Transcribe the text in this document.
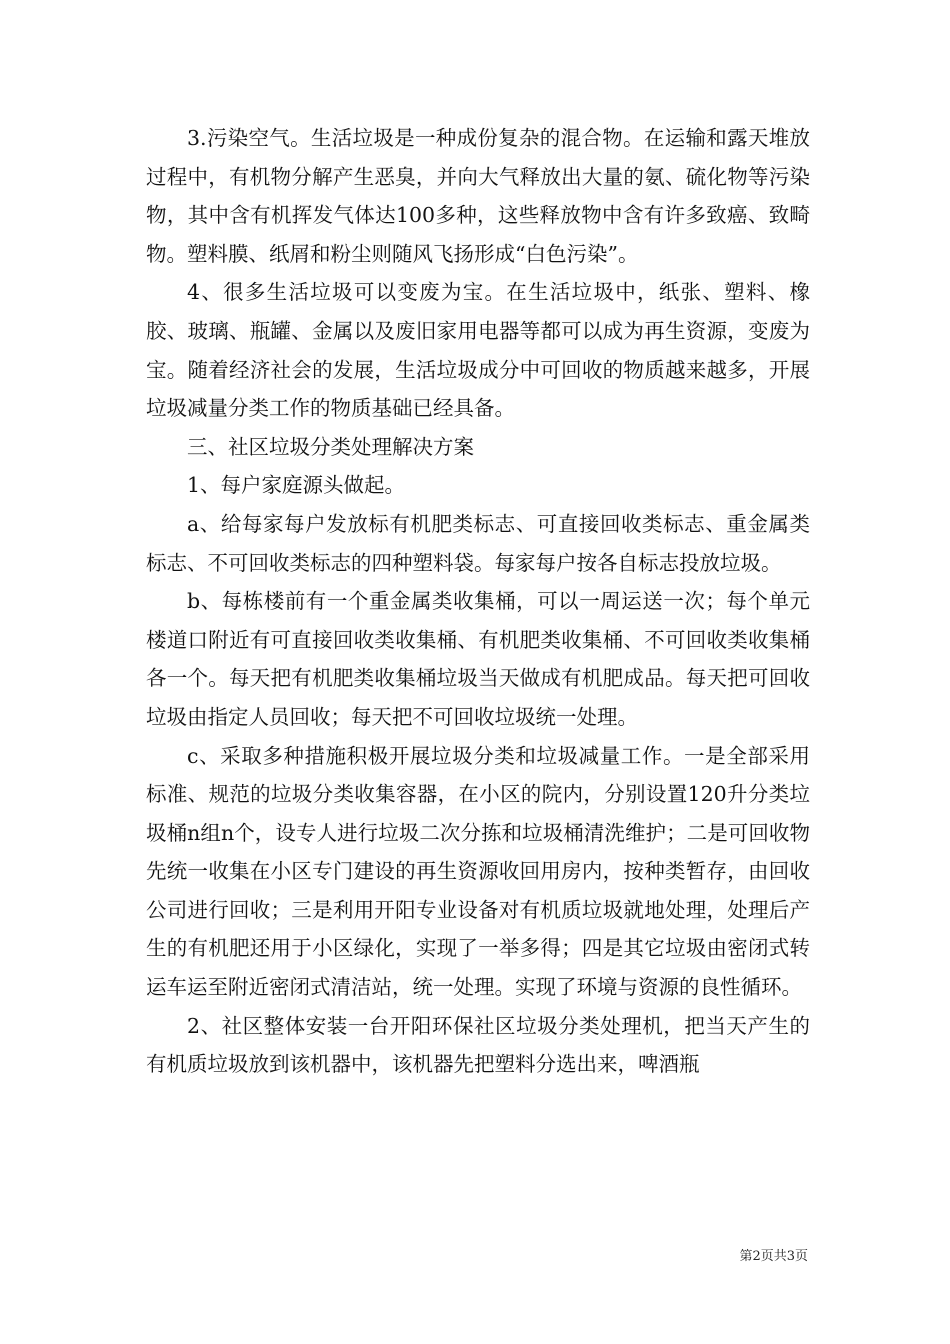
3.污染空气。生活垃圾是一种成份复杂的混合物。在运输和露天堆放过程中，有机物分解产生恶臭，并向大气释放出大量的氨、硫化物等污染物，其中含有机挥发气体达100多种，这些释放物中含有许多致癌、致畸物。塑料膜、纸屑和粉尘则随风飞扬形成“白色污染”。

4、很多生活垃圾可以变废为宝。在生活垃圾中，纸张、塑料、橡胶、玻璃、瓶罐、金属以及废旧家用电器等都可以成为再生资源，变废为宝。随着经济社会的发展，生活垃圾成分中可回收的物质越来越多，开展垃圾减量分类工作的物质基础已经具备。

三、社区垃圾分类处理解决方案

1、每户家庭源头做起。

a、给每家每户发放标有机肥类标志、可直接回收类标志、重金属类标志、不可回收类标志的四种塑料袋。每家每户按各自标志投放垃圾。

b、每栋楼前有一个重金属类收集桶，可以一周运送一次；每个单元楼道口附近有可直接回收类收集桶、有机肥类收集桶、不可回收类收集桶各一个。每天把有机肥类收集桶垃圾当天做成有机肥成品。每天把可回收垃圾由指定人员回收；每天把不可回收垃圾统一处理。

c、采取多种措施积极开展垃圾分类和垃圾减量工作。一是全部采用标准、规范的垃圾分类收集容器，在小区的院内，分别设置120升分类垃圾桶n组n个，设专人进行垃圾二次分拣和垃圾桶清洗维护；二是可回收物先统一收集在小区专门建设的再生资源收回用房内，按种类暂存，由回收公司进行回收；三是利用开阳专业设备对有机质垃圾就地处理，处理后产生的有机肥还用于小区绿化，实现了一举多得；四是其它垃圾由密闭式转运车运至附近密闭式清洁站，统一处理。实现了环境与资源的良性循环。

2、社区整体安装一台开阳环保社区垃圾分类处理机，把当天产生的有机质垃圾放到该机器中，该机器先把塑料分选出来，啤酒瓶

第2页共3页
